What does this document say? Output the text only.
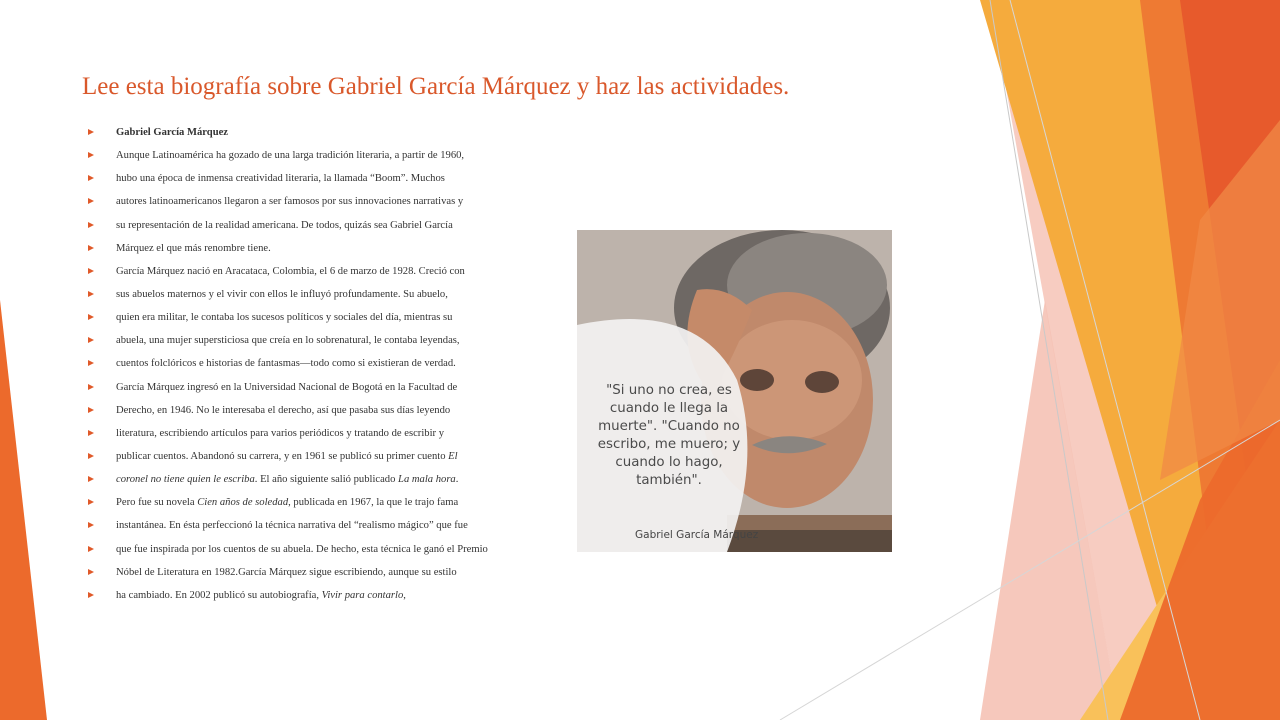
Lee esta biografía sobre Gabriel García Márquez y haz las actividades.
Gabriel García Márquez
Aunque Latinoamérica ha gozado de una larga tradición literaria, a partir de 1960,
hubo una época de inmensa creatividad literaria, la llamada “Boom”. Muchos
autores latinoamericanos llegaron a ser famosos por sus innovaciones narrativas y
su representación de la realidad americana. De todos, quizás sea Gabriel García
Márquez el que más renombre tiene.
García Márquez nació en Aracataca, Colombia, el 6 de marzo de 1928. Creció con
sus abuelos maternos y el vivir con ellos le influyó profundamente. Su abuelo,
quien era militar, le contaba los sucesos políticos y sociales del día, mientras su
abuela, una mujer supersticiosa que creía en lo sobrenatural, le contaba leyendas,
cuentos folclóricos e historias de fantasmas—todo como si existieran de verdad.
García Márquez ingresó en la Universidad Nacional de Bogotá en la Facultad de
Derecho, en 1946. No le interesaba el derecho, así que pasaba sus días leyendo
literatura, escribiendo artículos para varios periódicos y tratando de escribir y
publicar cuentos. Abandonó su carrera, y en 1961 se publicó su primer cuento El
coronel no tiene quien le escriba. El año siguiente salió publicado La mala hora.
Pero fue su novela Cien años de soledad, publicada en 1967, la que le trajo fama
instantánea. En ésta perfeccionó la técnica narrativa del “realismo mágico” que fue
que fue inspirada por los cuentos de su abuela. De hecho, esta técnica le ganó el Premio
Nóbel de Literatura en 1982.García Márquez sigue escribiendo, aunque su estilo
ha cambiado. En 2002 publicó su autobiografía, Vivir para contarlo,
"Si uno no crea, es
cuando le llega la
muerte". "Cuando no
escribo, me muero; y
cuando lo hago,
también".
Gabriel García Márquez
